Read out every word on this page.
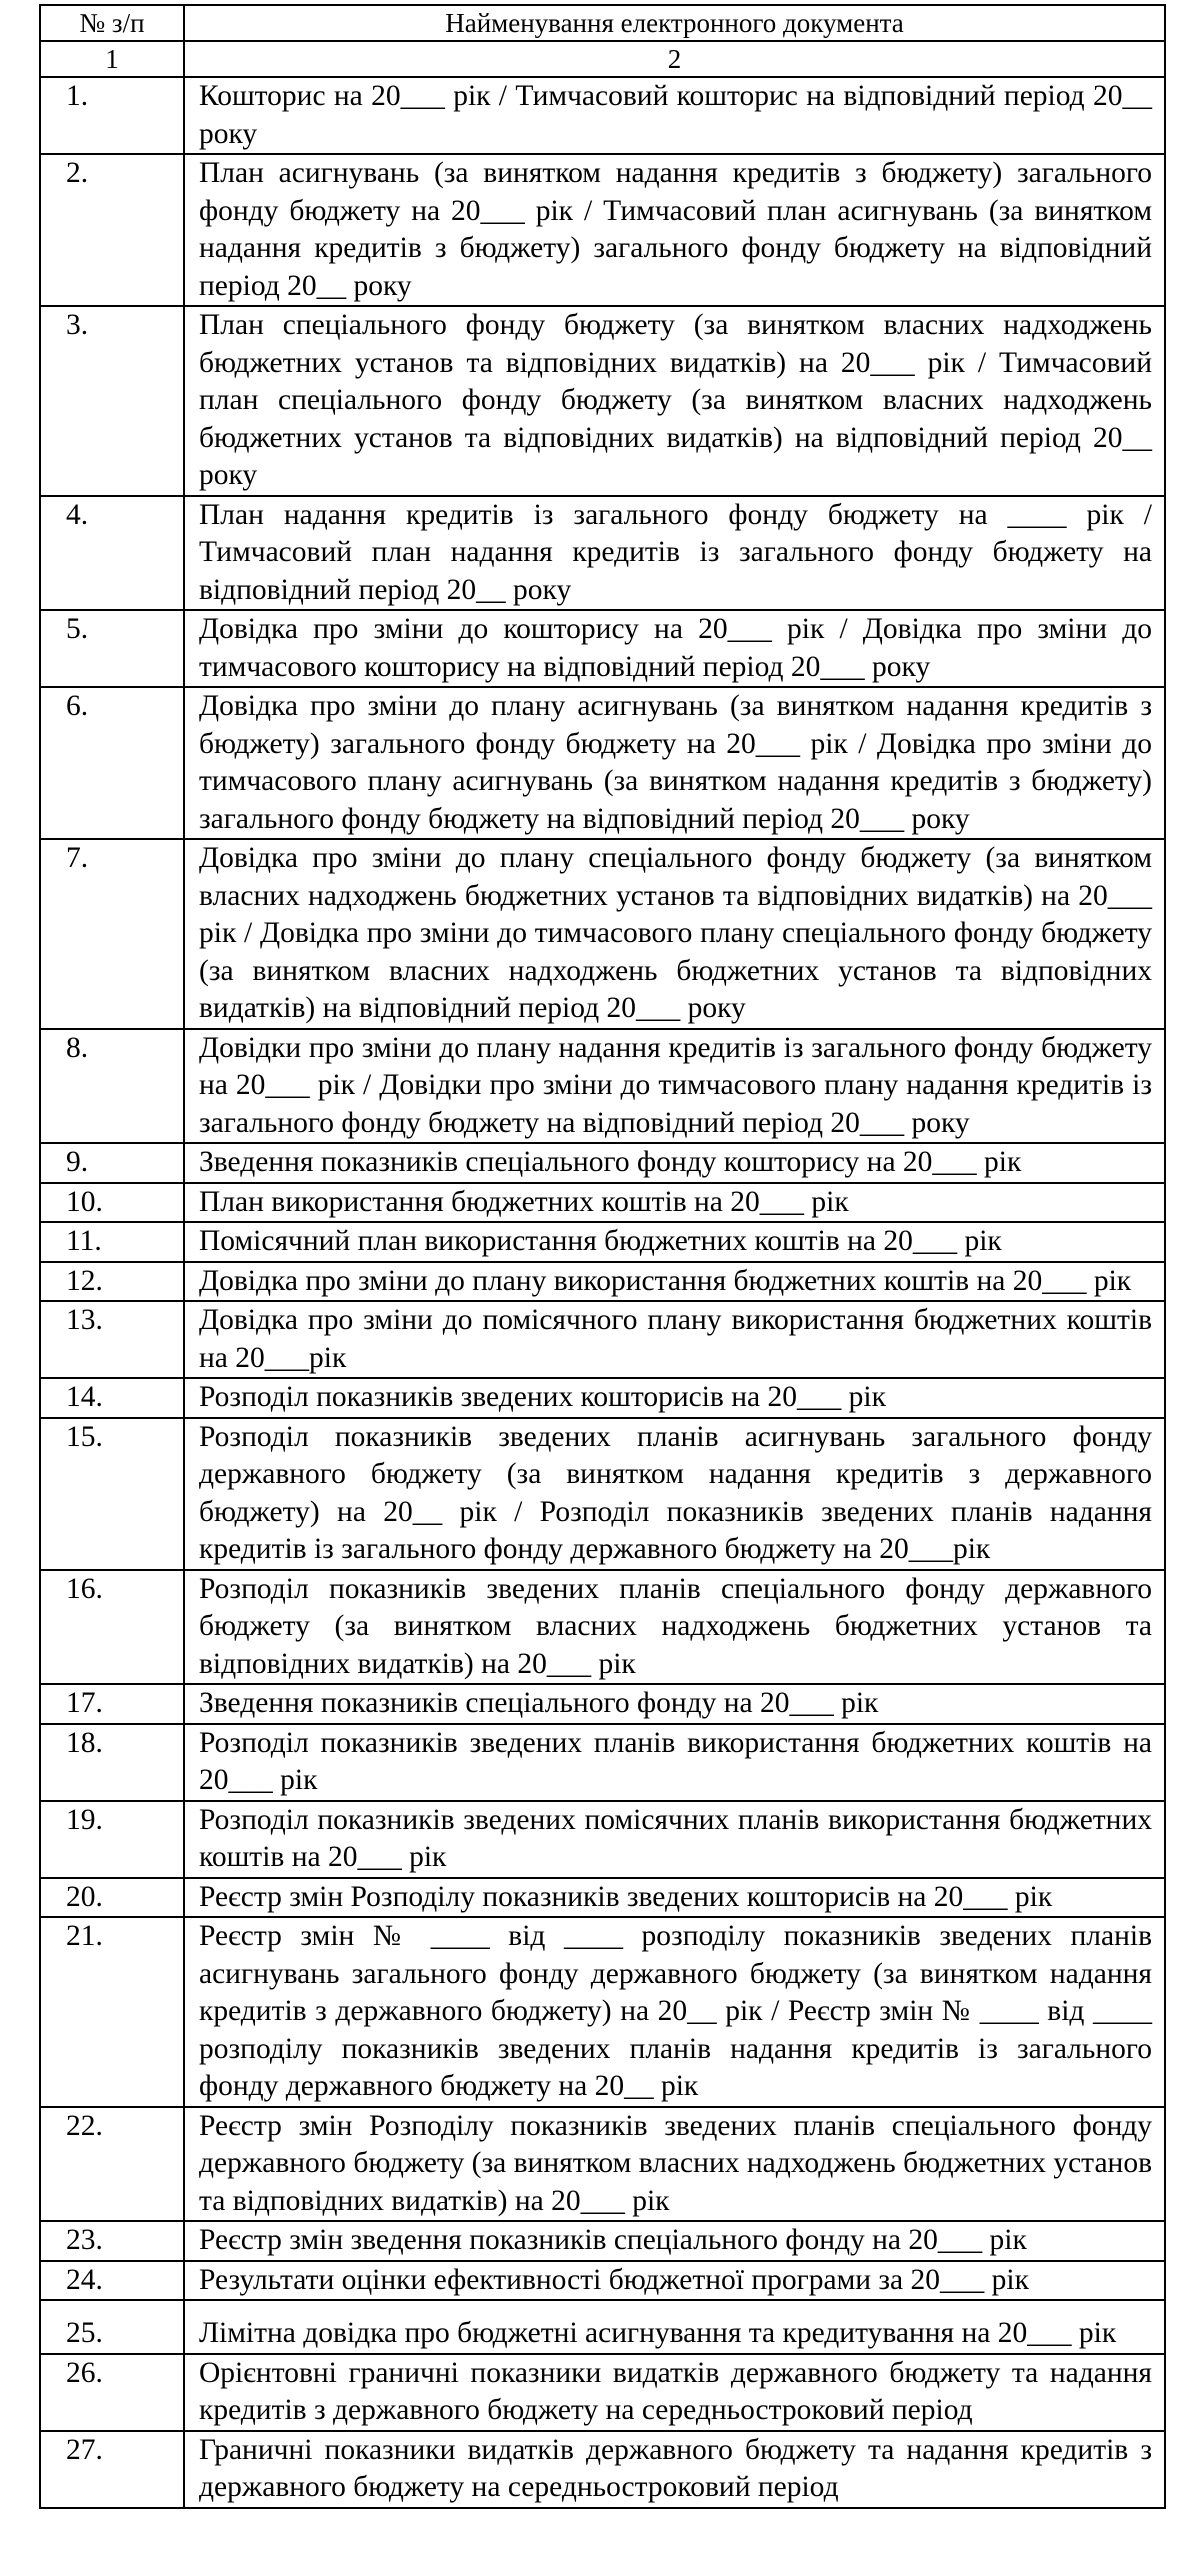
№ з/п	Найменування електронного документа
1	2
1.	Кошторис на 20___ рік / Тимчасовий кошторис на відповідний період 20__ року
2.	План асигнувань (за винятком надання кредитів з бюджету) загального фонду бюджету на 20___ рік / Тимчасовий план асигнувань (за винятком надання кредитів з бюджету) загального фонду бюджету на відповідний період 20__ року
3.	План спеціального фонду бюджету (за винятком власних надходжень бюджетних установ та відповідних видатків) на 20___ рік / Тимчасовий план спеціального фонду бюджету (за винятком власних надходжень бюджетних установ та відповідних видатків) на відповідний період 20__ року
4.	План надання кредитів із загального фонду бюджету на ____ рік / Тимчасовий план надання кредитів із загального фонду бюджету на відповідний період 20__ року
5.	Довідка про зміни до кошторису на 20___ рік / Довідка про зміни до тимчасового кошторису на відповідний період 20___ року
6.	Довідка про зміни до плану асигнувань (за винятком надання кредитів з бюджету) загального фонду бюджету на 20___ рік / Довідка про зміни до тимчасового плану асигнувань (за винятком надання кредитів з бюджету) загального фонду бюджету на відповідний період 20___ року
7.	Довідка про зміни до плану спеціального фонду бюджету (за винятком власних надходжень бюджетних установ та відповідних видатків) на 20___ рік / Довідка про зміни до тимчасового плану спеціального фонду бюджету (за винятком власних надходжень бюджетних установ та відповідних видатків) на відповідний період 20___ року
8.	Довідки про зміни до плану надання кредитів із загального фонду бюджету на 20___ рік / Довідки про зміни до тимчасового плану надання кредитів із загального фонду бюджету на відповідний період 20___ року
9.	Зведення показників спеціального фонду кошторису на 20___ рік
10.	План використання бюджетних коштів на 20___ рік
11.	Помісячний план використання бюджетних коштів на 20___ рік
12.	Довідка про зміни до плану використання бюджетних коштів на 20___ рік
13.	Довідка про зміни до помісячного плану використання бюджетних коштів на 20___рік
14.	Розподіл показників зведених кошторисів на 20___ рік
15.	Розподіл показників зведених планів асигнувань загального фонду державного бюджету (за винятком надання кредитів з державного бюджету) на 20__ рік / Розподіл показників зведених планів надання кредитів із загального фонду державного бюджету на 20___рік
16.	Розподіл показників зведених планів спеціального фонду державного бюджету (за винятком власних надходжень бюджетних установ та відповідних видатків) на 20___ рік
17.	Зведення показників спеціального фонду на 20___ рік
18.	Розподіл показників зведених планів використання бюджетних коштів на 20___ рік
19.	Розподіл показників зведених помісячних планів використання бюджетних коштів на 20___ рік
20.	Реєстр змін Розподілу показників зведених кошторисів на 20___ рік
21.	Реєстр змін № ____ від ____ розподілу показників зведених планів асигнувань загального фонду державного бюджету (за винятком надання кредитів з державного бюджету) на 20__ рік / Реєстр змін № ____ від ____ розподілу показників зведених планів надання кредитів із загального фонду державного бюджету на 20__ рік
22.	Реєстр змін Розподілу показників зведених планів спеціального фонду державного бюджету (за винятком власних надходжень бюджетних установ та відповідних видатків) на 20___ рік
23.	Реєстр змін зведення показників спеціального фонду на 20___ рік
24.	Результати оцінки ефективності бюджетної програми за 20___ рік
25.	Лімітна довідка про бюджетні асигнування та кредитування на 20___ рік
26.	Орієнтовні граничні показники видатків державного бюджету та надання кредитів з державного бюджету на середньостроковий період
27.	Граничні показники видатків державного бюджету та надання кредитів з державного бюджету на середньостроковий період
